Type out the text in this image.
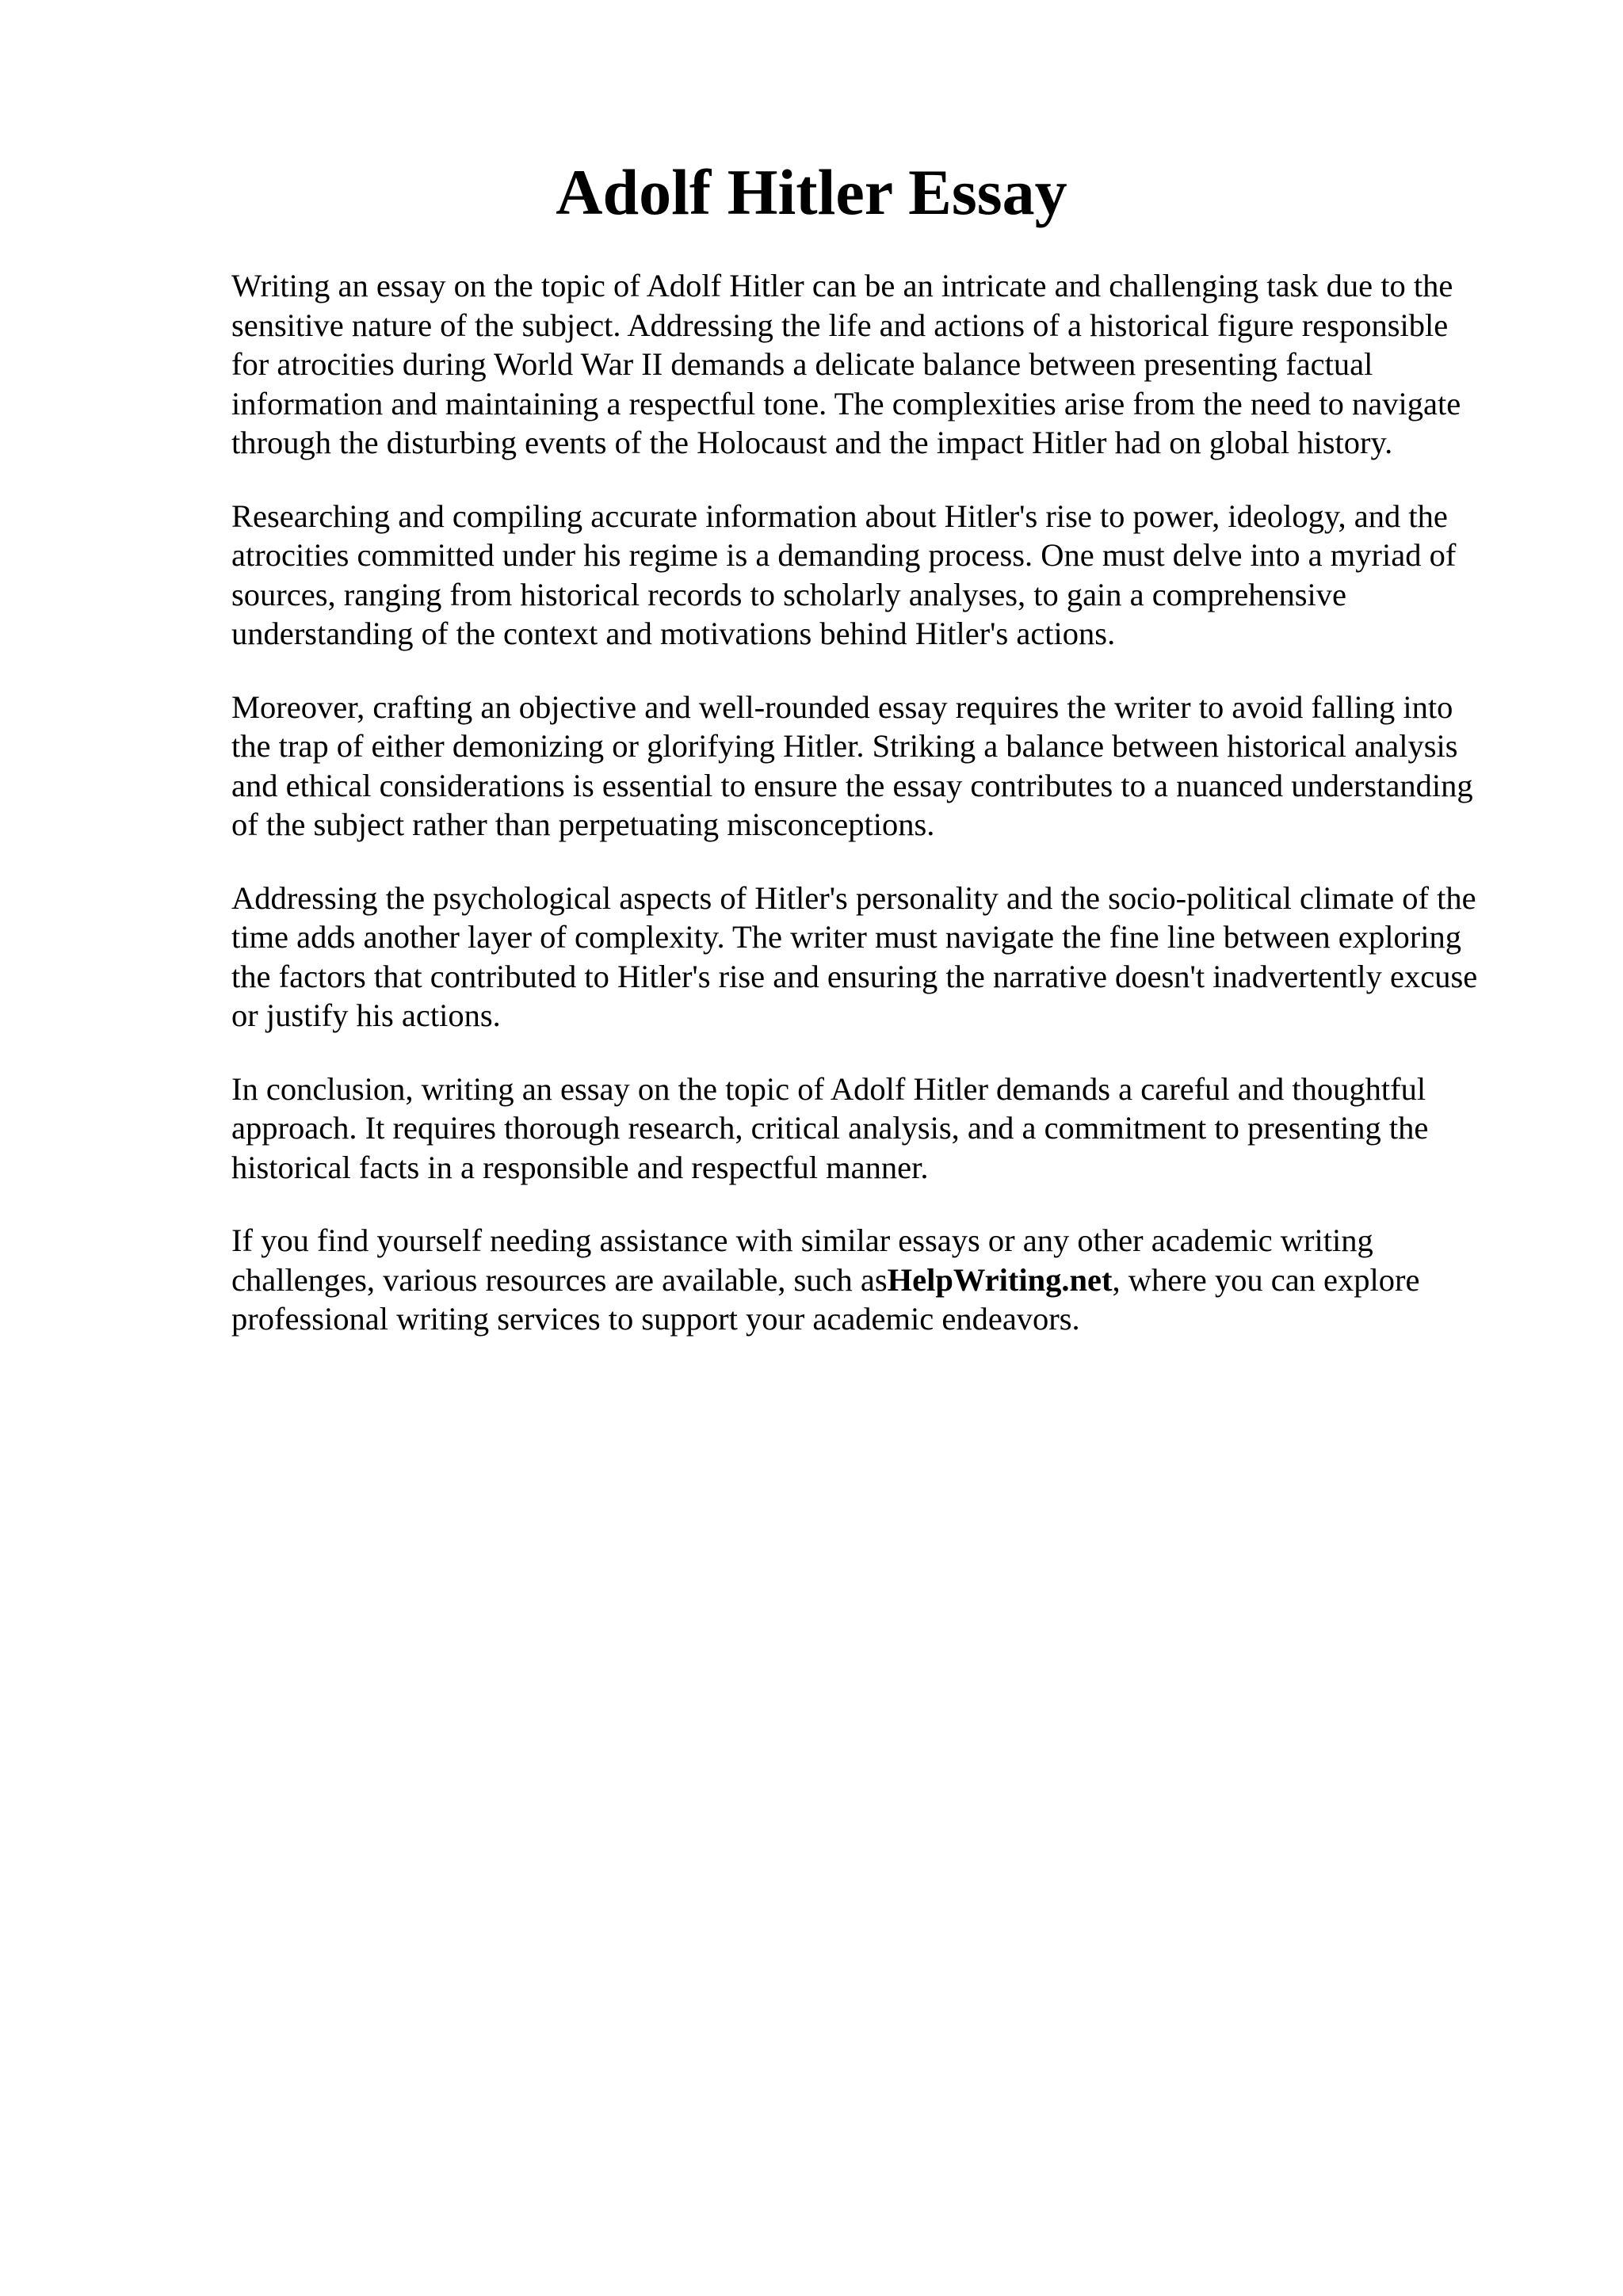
Adolf Hitler Essay

Writing an essay on the topic of Adolf Hitler can be an intricate and challenging task due to the
sensitive nature of the subject. Addressing the life and actions of a historical figure responsible
for atrocities during World War II demands a delicate balance between presenting factual
information and maintaining a respectful tone. The complexities arise from the need to navigate
through the disturbing events of the Holocaust and the impact Hitler had on global history.

Researching and compiling accurate information about Hitler's rise to power, ideology, and the
atrocities committed under his regime is a demanding process. One must delve into a myriad of
sources, ranging from historical records to scholarly analyses, to gain a comprehensive
understanding of the context and motivations behind Hitler's actions.

Moreover, crafting an objective and well-rounded essay requires the writer to avoid falling into
the trap of either demonizing or glorifying Hitler. Striking a balance between historical analysis
and ethical considerations is essential to ensure the essay contributes to a nuanced understanding
of the subject rather than perpetuating misconceptions.

Addressing the psychological aspects of Hitler's personality and the socio-political climate of the
time adds another layer of complexity. The writer must navigate the fine line between exploring
the factors that contributed to Hitler's rise and ensuring the narrative doesn't inadvertently excuse
or justify his actions.

In conclusion, writing an essay on the topic of Adolf Hitler demands a careful and thoughtful
approach. It requires thorough research, critical analysis, and a commitment to presenting the
historical facts in a responsible and respectful manner.

If you find yourself needing assistance with similar essays or any other academic writing
challenges, various resources are available, such asHelpWriting.net, where you can explore
professional writing services to support your academic endeavors.
